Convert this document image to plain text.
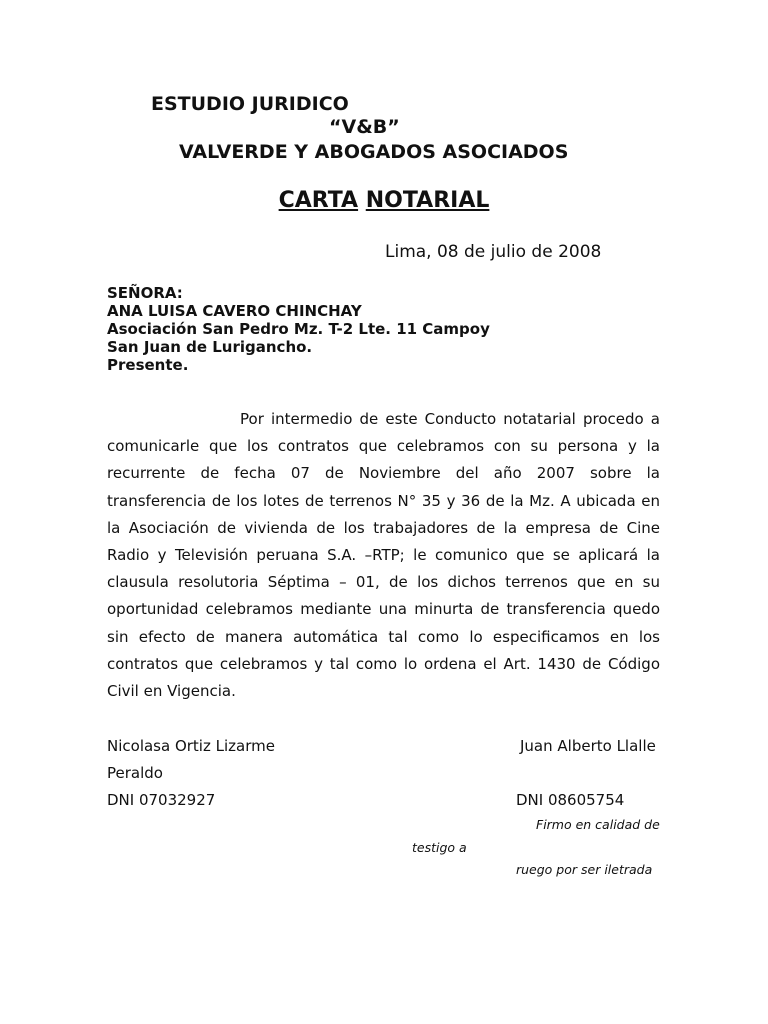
ESTUDIO JURIDICO
“V&B”
VALVERDE Y ABOGADOS ASOCIADOS
CARTA NOTARIAL
Lima, 08 de julio de 2008
SEÑORA:
ANA LUISA CAVERO CHINCHAY
Asociación San Pedro Mz. T-2 Lte. 11 Campoy
San Juan de Lurigancho.
Presente.

Por intermedio de este Conducto notatarial procedo a comunicarle que los contratos que celebramos con su persona y la recurrente de fecha 07 de Noviembre del año 2007 sobre la transferencia de los lotes de terrenos N° 35 y 36 de la Mz. A ubicada en la Asociación de vivienda de los trabajadores de la empresa de Cine Radio y Televisión peruana S.A. –RTP; le comunico que se aplicará la clausula resolutoria Séptima – 01, de los dichos terrenos que en su oportunidad celebramos mediante una minurta de transferencia quedo sin efecto de manera automática tal como lo especificamos en los contratos que celebramos y tal como lo ordena el Art. 1430 de Código Civil en Vigencia.

Nicolasa Ortiz Lizarme
Peraldo
DNI 07032927
Juan Alberto Llalle
DNI 08605754
Firmo en calidad de
testigo a
ruego por ser iletrada
